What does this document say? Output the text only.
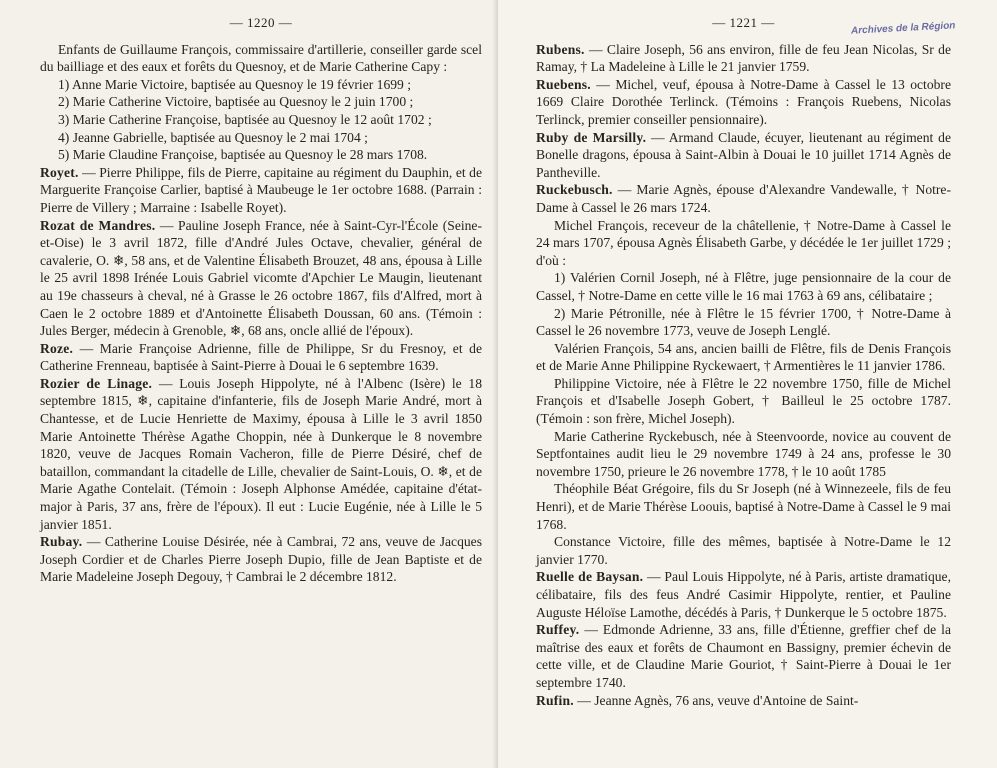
— 1220 —
Enfants de Guillaume François, commissaire d'artillerie, conseiller garde scel du bailliage et des eaux et forêts du Quesnoy, et de Marie Catherine Capy :
1) Anne Marie Victoire, baptisée au Quesnoy le 19 février 1699 ;
2) Marie Catherine Victoire, baptisée au Quesnoy le 2 juin 1700 ;
3) Marie Catherine Françoise, baptisée au Quesnoy le 12 août 1702 ;
4) Jeanne Gabrielle, baptisée au Quesnoy le 2 mai 1704 ;
5) Marie Claudine Françoise, baptisée au Quesnoy le 28 mars 1708.
Royet. — Pierre Philippe, fils de Pierre, capitaine au régiment du Dauphin, et de Marguerite Françoise Carlier, baptisé à Maubeuge le 1er octobre 1688. (Parrain : Pierre de Villery ; Marraine : Isabelle Royet).
Rozat de Mandres. — Pauline Joseph France, née à Saint-Cyr-l'École (Seine-et-Oise) le 3 avril 1872, fille d'André Jules Octave, chevalier, général de cavalerie, O. ❄, 58 ans, et de Valentine Élisabeth Brouzet, 48 ans, épousa à Lille le 25 avril 1898 Irénée Louis Gabriel vicomte d'Apchier Le Maugin, lieutenant au 19e chasseurs à cheval, né à Grasse le 26 octobre 1867, fils d'Alfred, mort à Caen le 2 octobre 1889 et d'Antoinette Élisabeth Doussan, 60 ans. (Témoin : Jules Berger, médecin à Grenoble, ❄, 68 ans, oncle allié de l'époux).
Roze. — Marie Françoise Adrienne, fille de Philippe, Sr du Fresnoy, et de Catherine Frenneau, baptisée à Saint-Pierre à Douai le 6 septembre 1639.
Rozier de Linage. — Louis Joseph Hippolyte, né à l'Albenc (Isère) le 18 septembre 1815, ❄, capitaine d'infanterie, fils de Joseph Marie André, mort à Chantesse, et de Lucie Henriette de Maximy, épousa à Lille le 3 avril 1850 Marie Antoinette Thérèse Agathe Choppin, née à Dunkerque le 8 novembre 1820, veuve de Jacques Romain Vacheron, fille de Pierre Désiré, chef de bataillon, commandant la citadelle de Lille, chevalier de Saint-Louis, O. ❄, et de Marie Agathe Contelait. (Témoin : Joseph Alphonse Amédée, capitaine d'état-major à Paris, 37 ans, frère de l'époux). Il eut : Lucie Eugénie, née à Lille le 5 janvier 1851.
Rubay. — Catherine Louise Désirée, née à Cambrai, 72 ans, veuve de Jacques Joseph Cordier et de Charles Pierre Joseph Dupio, fille de Jean Baptiste et de Marie Madeleine Joseph Degouy, † Cambrai le 2 décembre 1812.
— 1221 —	Archives de la Région
Rubens. — Claire Joseph, 56 ans environ, fille de feu Jean Nicolas, Sr de Ramay, † La Madeleine à Lille le 21 janvier 1759.
Ruebens. — Michel, veuf, épousa à Notre-Dame à Cassel le 13 octobre 1669 Claire Dorothée Terlinck. (Témoins : François Ruebens, Nicolas Terlinck, premier conseiller pensionnaire).
Ruby de Marsilly. — Armand Claude, écuyer, lieutenant au régiment de Bonelle dragons, épousa à Saint-Albin à Douai le 10 juillet 1714 Agnès de Pantheville.
Ruckebusch. — Marie Agnès, épouse d'Alexandre Vandewalle, † Notre-Dame à Cassel le 26 mars 1724.
Michel François, receveur de la châtellenie, † Notre-Dame à Cassel le 24 mars 1707, épousa Agnès Élisabeth Garbe, y décédée le 1er juillet 1729 ; d'où :
1) Valérien Cornil Joseph, né à Flêtre, juge pensionnaire de la cour de Cassel, † Notre-Dame en cette ville le 16 mai 1763 à 69 ans, célibataire ;
2) Marie Pétronille, née à Flêtre le 15 février 1700, † Notre-Dame à Cassel le 26 novembre 1773, veuve de Joseph Lenglé.
Valérien François, 54 ans, ancien bailli de Flêtre, fils de Denis François et de Marie Anne Philippine Ryckewaert, † Armentières le 11 janvier 1786.
Philippine Victoire, née à Flêtre le 22 novembre 1750, fille de Michel François et d'Isabelle Joseph Gobert, † Bailleul le 25 octobre 1787. (Témoin : son frère, Michel Joseph).
Marie Catherine Ryckebusch, née à Steenvoorde, novice au couvent de Septfontaines audit lieu le 29 novembre 1749 à 24 ans, professe le 30 novembre 1750, prieure le 26 novembre 1778, † le 10 août 1785
Théophile Béat Grégoire, fils du Sr Joseph (né à Winnezeele, fils de feu Henri), et de Marie Thérèse Loouis, baptisé à Notre-Dame à Cassel le 9 mai 1768.
Constance Victoire, fille des mêmes, baptisée à Notre-Dame le 12 janvier 1770.
Ruelle de Baysan. — Paul Louis Hippolyte, né à Paris, artiste dramatique, célibataire, fils des feus André Casimir Hippolyte, rentier, et Pauline Auguste Héloïse Lamothe, décédés à Paris, † Dunkerque le 5 octobre 1875.
Ruffey. — Edmonde Adrienne, 33 ans, fille d'Étienne, greffier chef de la maîtrise des eaux et forêts de Chaumont en Bassigny, premier échevin de cette ville, et de Claudine Marie Gouriot, † Saint-Pierre à Douai le 1er septembre 1740.
Rufin. — Jeanne Agnès, 76 ans, veuve d'Antoine de Saint-
